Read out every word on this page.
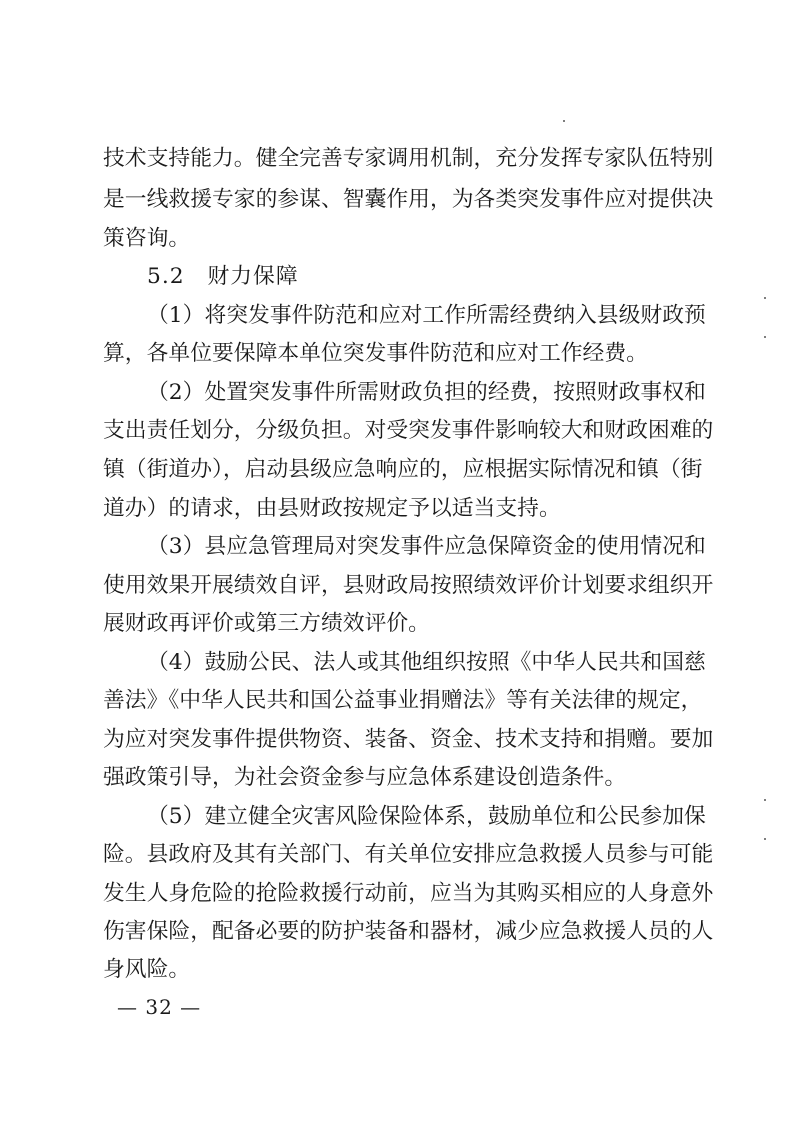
技术支持能力。健全完善专家调用机制，充分发挥专家队伍特别
是一线救援专家的参谋、智囊作用，为各类突发事件应对提供决
策咨询。
5.2　财力保障
（1）将突发事件防范和应对工作所需经费纳入县级财政预
算，各单位要保障本单位突发事件防范和应对工作经费。
（2）处置突发事件所需财政负担的经费，按照财政事权和
支出责任划分，分级负担。对受突发事件影响较大和财政困难的
镇（街道办），启动县级应急响应的，应根据实际情况和镇（街
道办）的请求，由县财政按规定予以适当支持。
（3）县应急管理局对突发事件应急保障资金的使用情况和
使用效果开展绩效自评，县财政局按照绩效评价计划要求组织开
展财政再评价或第三方绩效评价。
（4）鼓励公民、法人或其他组织按照《中华人民共和国慈
善法》《中华人民共和国公益事业捐赠法》等有关法律的规定，
为应对突发事件提供物资、装备、资金、技术支持和捐赠。要加
强政策引导，为社会资金参与应急体系建设创造条件。
（5）建立健全灾害风险保险体系，鼓励单位和公民参加保
险。县政府及其有关部门、有关单位安排应急救援人员参与可能
发生人身危险的抢险救援行动前，应当为其购买相应的人身意外
伤害保险，配备必要的防护装备和器材，减少应急救援人员的人
身风险。
— 32 —
